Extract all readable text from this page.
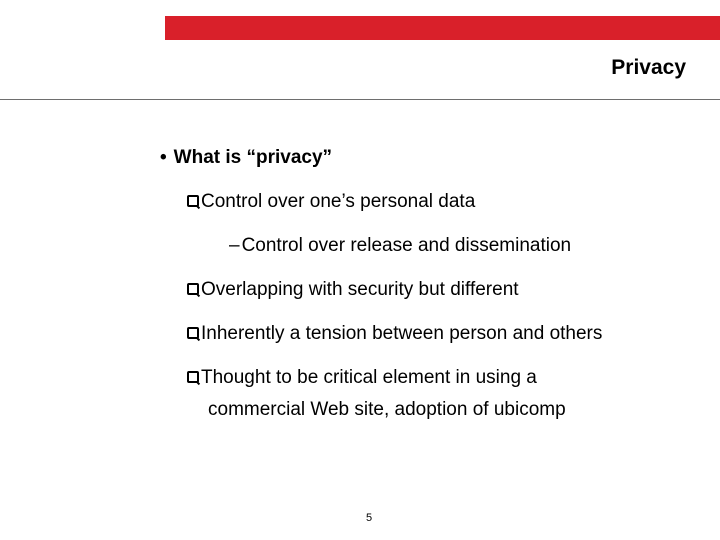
Privacy
• What is “privacy”
Control over one’s personal data
– Control over release and dissemination
Overlapping with security but different
Inherently a tension between person and others
Thought to be critical element in using a
commercial Web site, adoption of ubicomp
5
